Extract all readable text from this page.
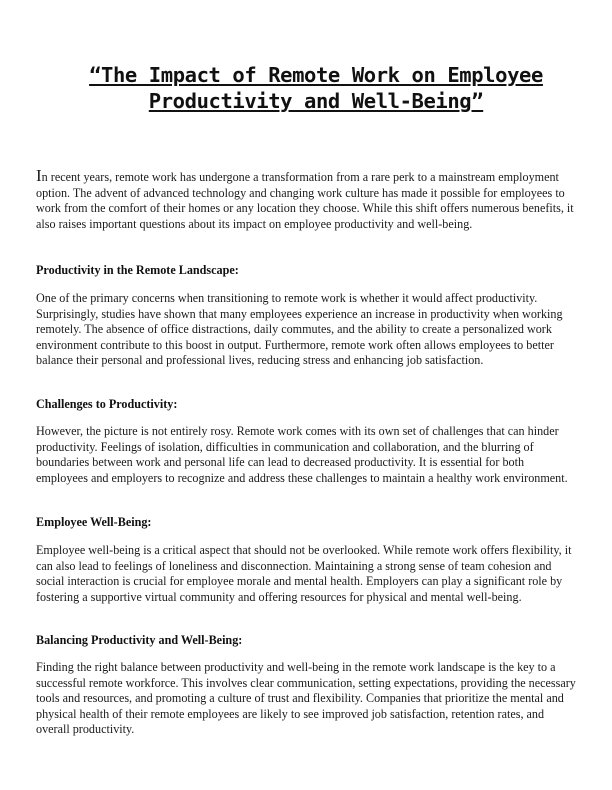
“The Impact of Remote Work on Employee Productivity and Well-Being”

In recent years, remote work has undergone a transformation from a rare perk to a mainstream employment option. The advent of advanced technology and changing work culture has made it possible for employees to work from the comfort of their homes or any location they choose. While this shift offers numerous benefits, it also raises important questions about its impact on employee productivity and well-being.

Productivity in the Remote Landscape:

One of the primary concerns when transitioning to remote work is whether it would affect productivity. Surprisingly, studies have shown that many employees experience an increase in productivity when working remotely. The absence of office distractions, daily commutes, and the ability to create a personalized work environment contribute to this boost in output. Furthermore, remote work often allows employees to better balance their personal and professional lives, reducing stress and enhancing job satisfaction.

Challenges to Productivity:

However, the picture is not entirely rosy. Remote work comes with its own set of challenges that can hinder productivity. Feelings of isolation, difficulties in communication and collaboration, and the blurring of boundaries between work and personal life can lead to decreased productivity. It is essential for both employees and employers to recognize and address these challenges to maintain a healthy work environment.

Employee Well-Being:

Employee well-being is a critical aspect that should not be overlooked. While remote work offers flexibility, it can also lead to feelings of loneliness and disconnection. Maintaining a strong sense of team cohesion and social interaction is crucial for employee morale and mental health. Employers can play a significant role by fostering a supportive virtual community and offering resources for physical and mental well-being.

Balancing Productivity and Well-Being:

Finding the right balance between productivity and well-being in the remote work landscape is the key to a successful remote workforce. This involves clear communication, setting expectations, providing the necessary tools and resources, and promoting a culture of trust and flexibility. Companies that prioritize the mental and physical health of their remote employees are likely to see improved job satisfaction, retention rates, and overall productivity.
